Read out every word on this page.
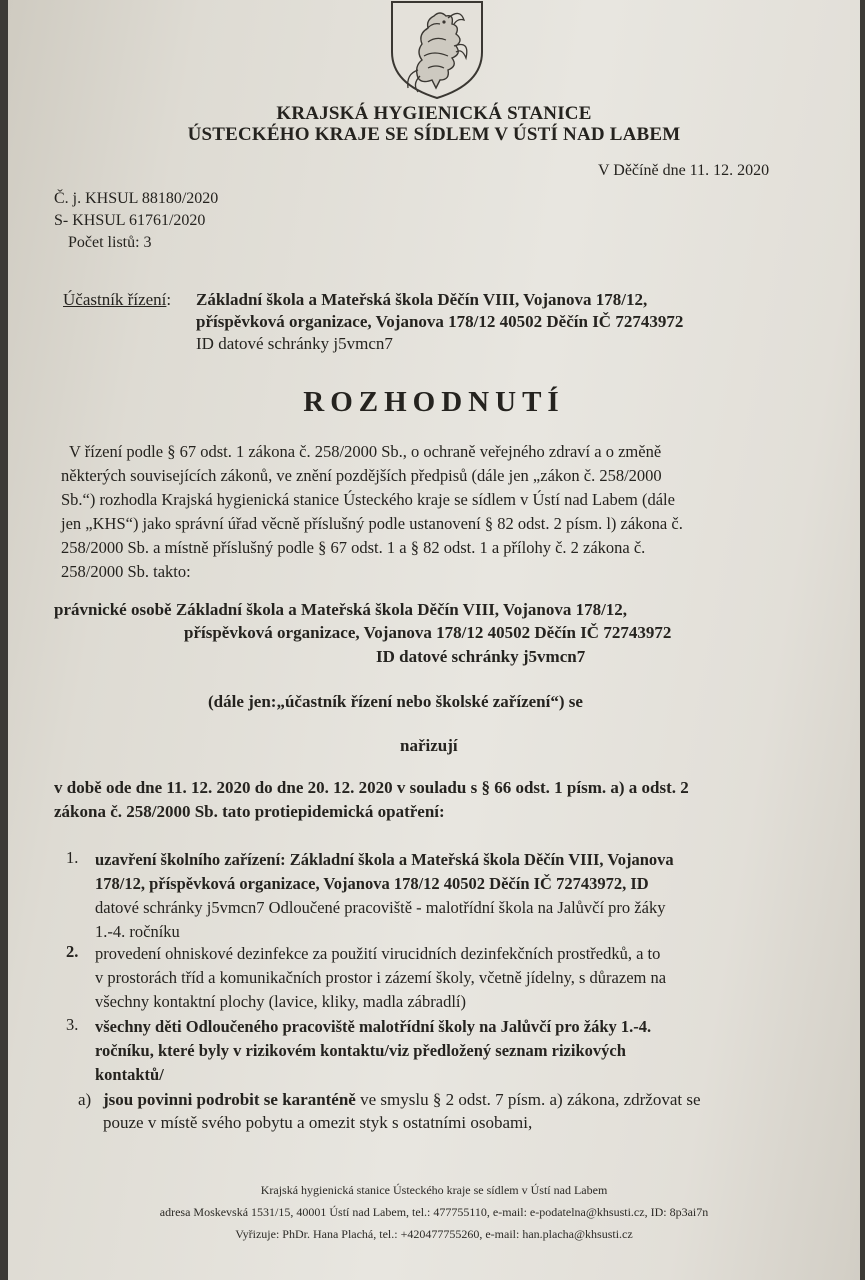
KRAJSKÁ HYGIENICKÁ STANICE
ÚSTECKÉHO KRAJE SE SÍDLEM V ÚSTÍ NAD LABEM
V Děčíně dne 11. 12. 2020
Č. j. KHSUL 88180/2020
S- KHSUL 61761/2020
Počet listů: 3
Účastník řízení: Základní škola a Mateřská škola Děčín VIII, Vojanova 178/12,
příspěvková organizace, Vojanova 178/12 40502 Děčín IČ 72743972
ID datové schránky j5vmcn7
ROZHODNUTÍ
V řízení podle § 67 odst. 1 zákona č. 258/2000 Sb., o ochraně veřejného zdraví a o změně
některých souvisejících zákonů, ve znění pozdějších předpisů (dále jen „zákon č. 258/2000
Sb.“) rozhodla Krajská hygienická stanice Ústeckého kraje se sídlem v Ústí nad Labem (dále
jen „KHS“) jako správní úřad věcně příslušný podle ustanovení § 82 odst. 2 písm. l) zákona č.
258/2000 Sb. a místně příslušný podle § 67 odst. 1 a § 82 odst. 1 a přílohy č. 2 zákona č.
258/2000 Sb. takto:
právnické osobě Základní škola a Mateřská škola Děčín VIII, Vojanova 178/12,
příspěvková organizace, Vojanova 178/12 40502 Děčín IČ 72743972
ID datové schránky j5vmcn7
(dále jen:„účastník řízení nebo školské zařízení“) se
nařizují
v době ode dne 11. 12. 2020 do dne 20. 12. 2020 v souladu s § 66 odst. 1 písm. a) a odst. 2
zákona č. 258/2000 Sb. tato protiepidemická opatření:
1. uzavření školního zařízení: Základní škola a Mateřská škola Děčín VIII, Vojanova
178/12, příspěvková organizace, Vojanova 178/12 40502 Děčín IČ 72743972, ID
datové schránky j5vmcn7 Odloučené pracoviště - malotřídní škola na Jalůvčí pro žáky
1.-4. ročníku
2. provedení ohniskové dezinfekce za použití virucidních dezinfekčních prostředků, a to
v prostorách tříd a komunikačních prostor i zázemí školy, včetně jídelny, s důrazem na
všechny kontaktní plochy (lavice, kliky, madla zábradlí)
3. všechny děti Odloučeného pracoviště malotřídní školy na Jalůvčí pro žáky 1.-4.
ročníku, které byly v rizikovém kontaktu/viz předložený seznam rizikových
kontaktů/
a) jsou povinni podrobit se karanténě ve smyslu § 2 odst. 7 písm. a) zákona, zdržovat se
pouze v místě svého pobytu a omezit styk s ostatními osobami,
Krajská hygienická stanice Ústeckého kraje se sídlem v Ústí nad Labem
adresa Moskevská 1531/15, 40001 Ústí nad Labem, tel.: 477755110, e-mail: e-podatelna@khsusti.cz, ID: 8p3ai7n
Vyřizuje: PhDr. Hana Plachá, tel.: +420477755260, e-mail: han.placha@khsusti.cz
